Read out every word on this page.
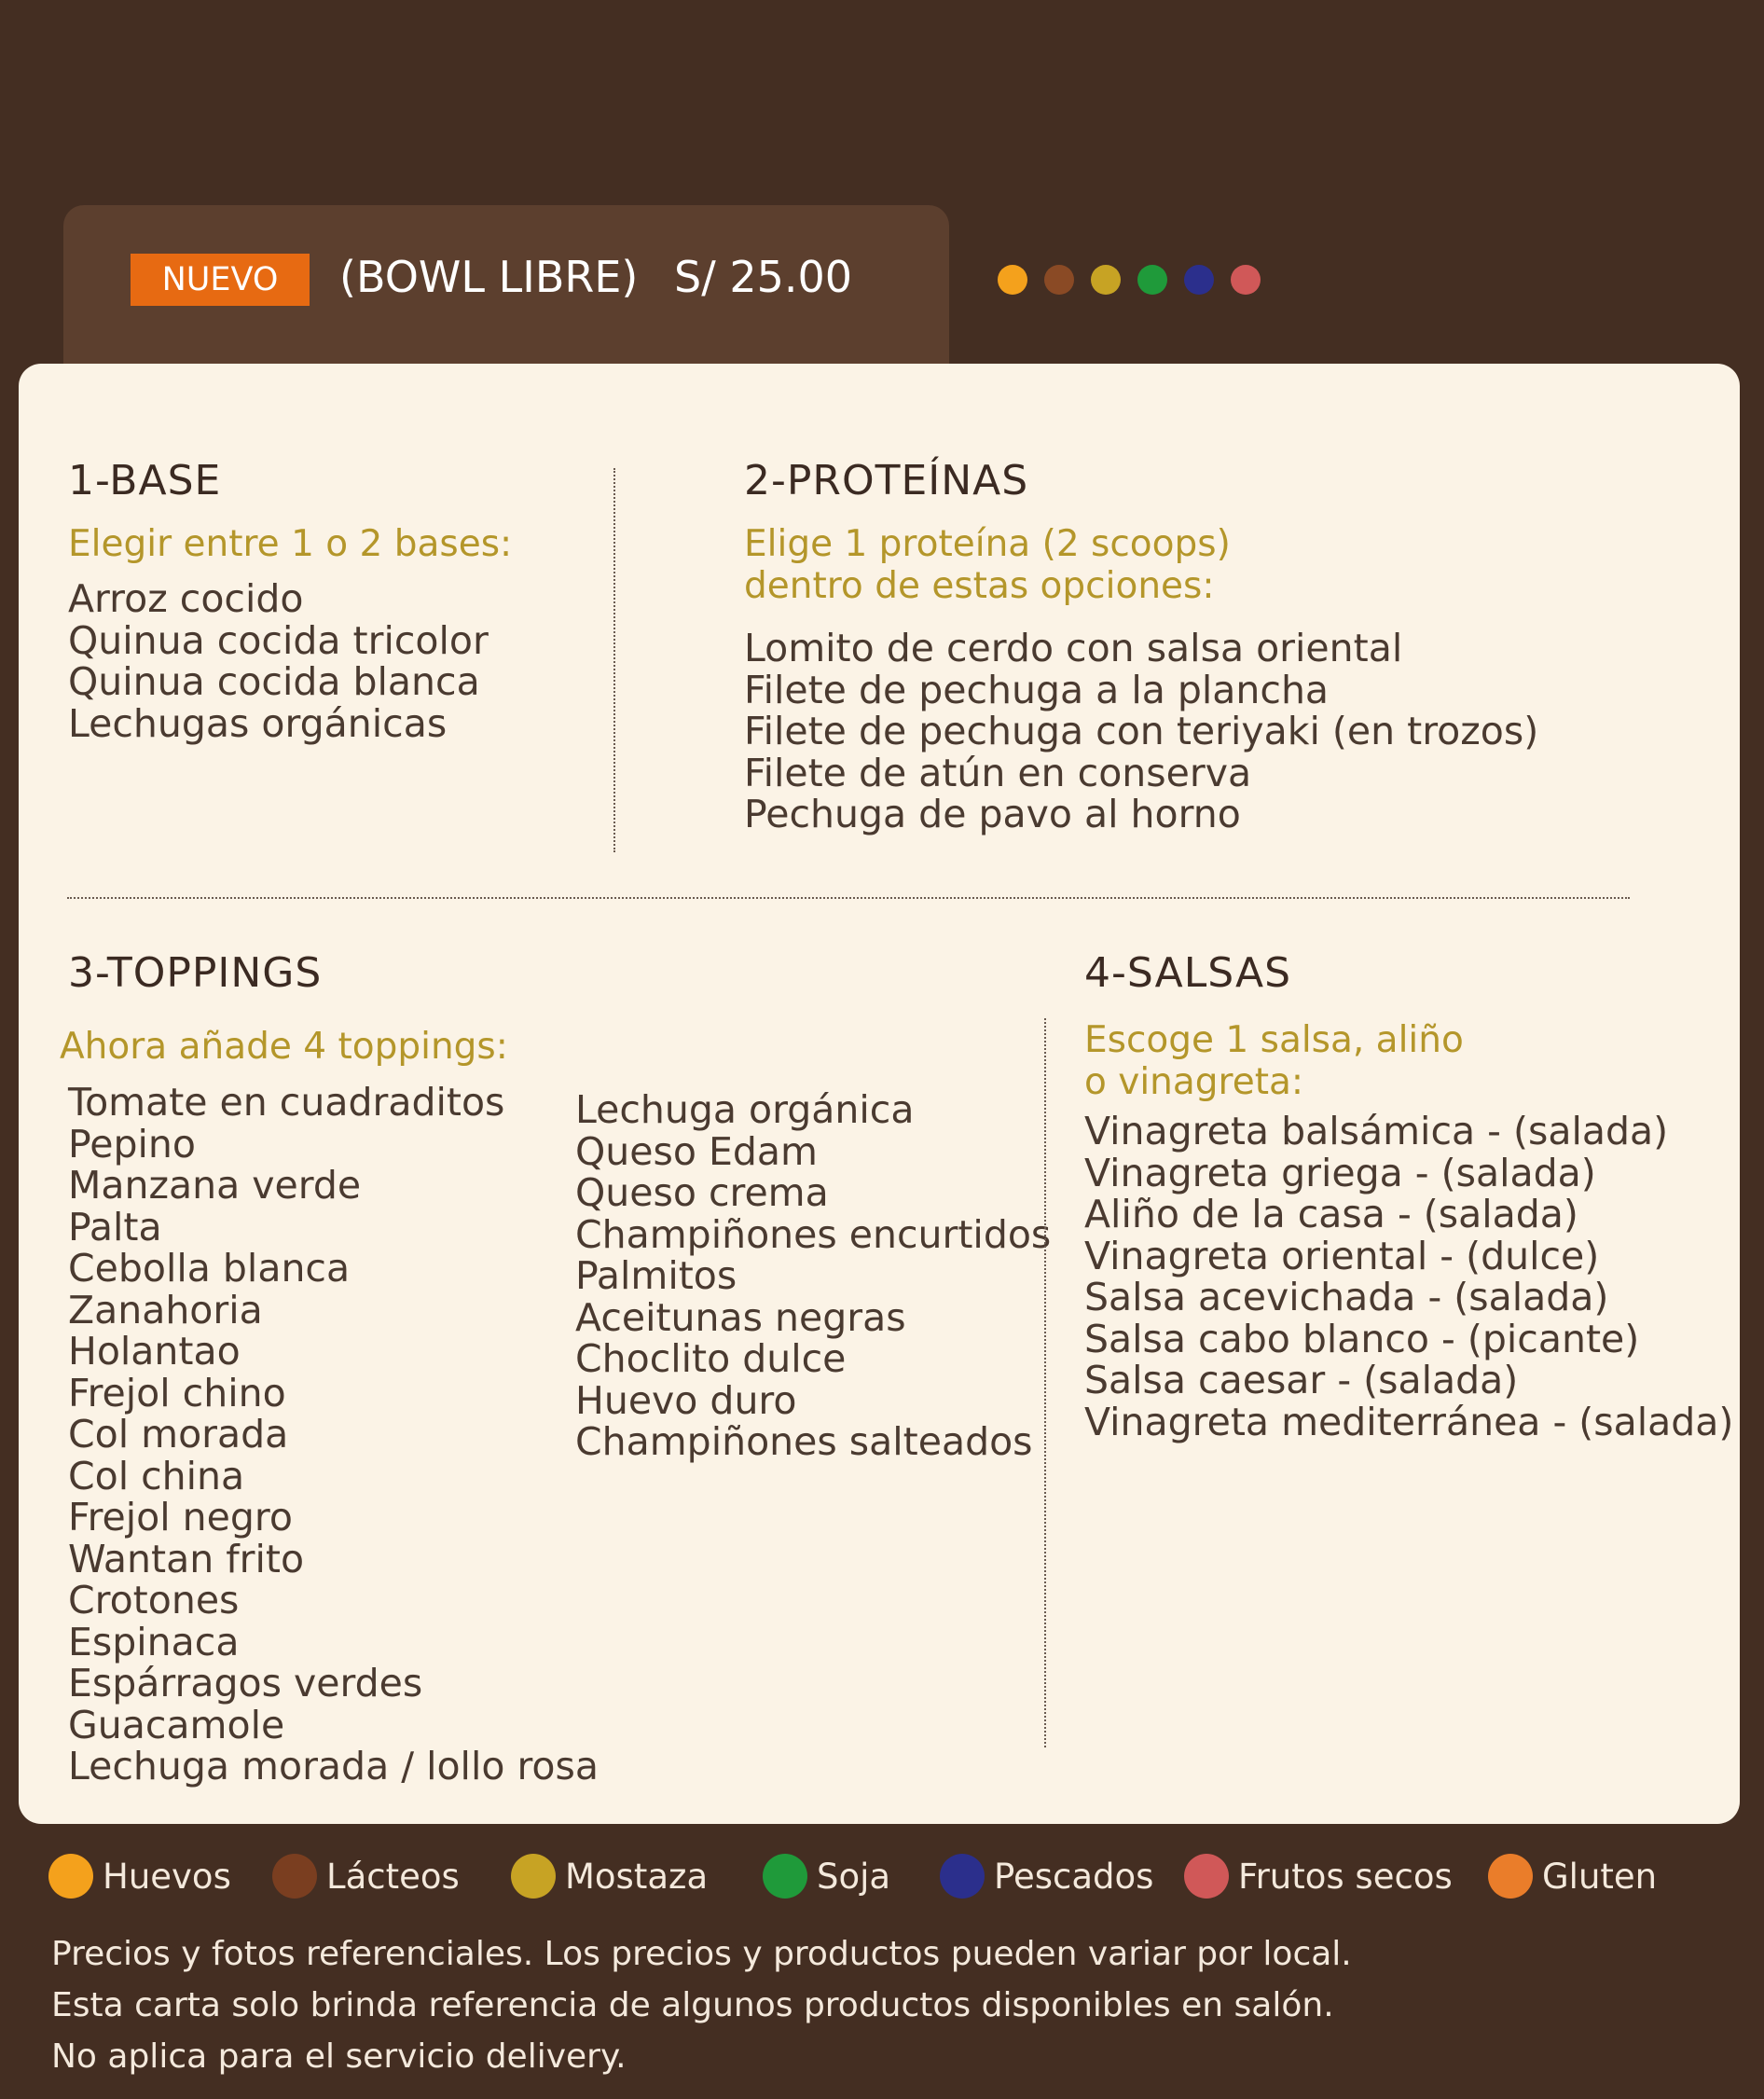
NUEVO	(BOWL LIBRE) S/ 25.00
1-BASE
Elegir entre 1 o 2 bases:
Arroz cocido
Quinua cocida tricolor
Quinua cocida blanca
Lechugas orgánicas
2-PROTEÍNAS
Elige 1 proteína (2 scoops)
dentro de estas opciones:
Lomito de cerdo con salsa oriental
Filete de pechuga a la plancha
Filete de pechuga con teriyaki (en trozos)
Filete de atún en conserva
Pechuga de pavo al horno
3-TOPPINGS
Ahora añade 4 toppings:
Tomate en cuadraditos
Pepino
Manzana verde
Palta
Cebolla blanca
Zanahoria
Holantao
Frejol chino
Col morada
Col china
Frejol negro
Wantan frito
Crotones
Espinaca
Espárragos verdes
Guacamole
Lechuga morada / lollo rosa
Lechuga orgánica
Queso Edam
Queso crema
Champiñones encurtidos
Palmitos
Aceitunas negras
Choclito dulce
Huevo duro
Champiñones salteados
4-SALSAS
Escoge 1 salsa, aliño
o vinagreta:
Vinagreta balsámica - (salada)
Vinagreta griega - (salada)
Aliño de la casa - (salada)
Vinagreta oriental - (dulce)
Salsa acevichada - (salada)
Salsa cabo blanco - (picante)
Salsa caesar - (salada)
Vinagreta mediterránea - (salada)
Huevos	Lácteos	Mostaza	Soja	Pescados Frutos secos	Gluten
Precios y fotos referenciales. Los precios y productos pueden variar por local.
Esta carta solo brinda referencia de algunos productos disponibles en salón.
No aplica para el servicio delivery.
